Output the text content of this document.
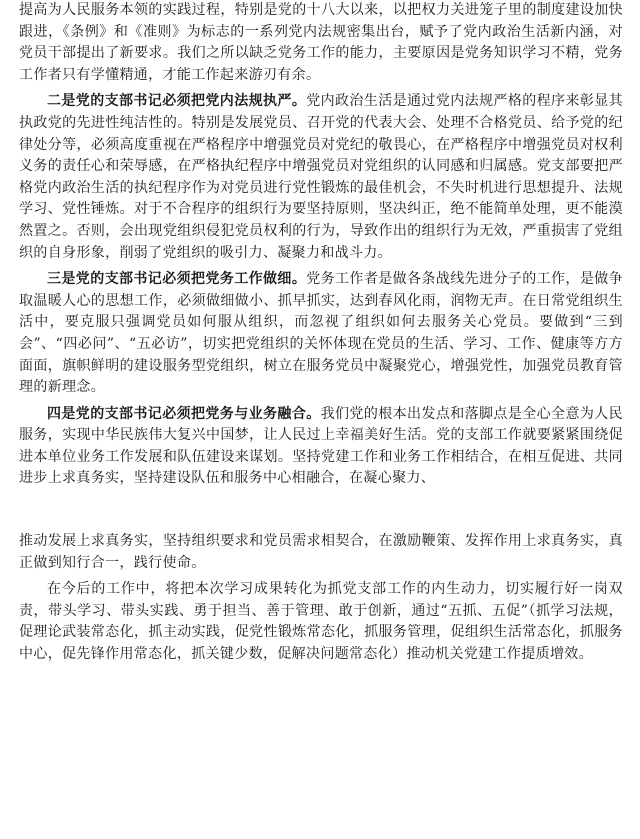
提高为人民服务本领的实践过程，特别是党的十八大以来，以把权力关进笼子里的制度建设加快跟进，《条例》和《准则》为标志的一系列党内法规密集出台，赋予了党内政治生活新内涵，对党员干部提出了新要求。我们之所以缺乏党务工作的能力，主要原因是党务知识学习不精，党务工作者只有学懂精通，才能工作起来游刃有余。

二是党的支部书记必须把党内法规执严。党内政治生活是通过党内法规严格的程序来彰显其执政党的先进性纯洁性的。特别是发展党员、召开党的代表大会、处理不合格党员、给予党的纪律处分等，必须高度重视在严格程序中增强党员对党纪的敬畏心，在严格程序中增强党员对权利义务的责任心和荣辱感，在严格执纪程序中增强党员对党组织的认同感和归属感。党支部要把严格党内政治生活的执纪程序作为对党员进行党性锻炼的最佳机会，不失时机进行思想提升、法规学习、党性锤炼。对于不合程序的组织行为要坚持原则，坚决纠正，绝不能简单处理，更不能漠然置之。否则，会出现党组织侵犯党员权利的行为，导致作出的组织行为无效，严重损害了党组织的自身形象，削弱了党组织的吸引力、凝聚力和战斗力。

三是党的支部书记必须把党务工作做细。党务工作者是做各条战线先进分子的工作，是做争取温暖人心的思想工作，必须做细做小、抓早抓实，达到春风化雨，润物无声。在日常党组织生活中，要克服只强调党员如何服从组织，而忽视了组织如何去服务关心党员。要做到“三到会”、“四必问”、“五必访”，切实把党组织的关怀体现在党员的生活、学习、工作、健康等方方面面，旗帜鲜明的建设服务型党组织，树立在服务党员中凝聚党心，增强党性，加强党员教育管理的新理念。

四是党的支部书记必须把党务与业务融合。我们党的根本出发点和落脚点是全心全意为人民服务，实现中华民族伟大复兴中国梦，让人民过上幸福美好生活。党的支部工作就要紧紧围绕促进本单位业务工作发展和队伍建设来谋划。坚持党建工作和业务工作相结合，在相互促进、共同进步上求真务实，坚持建设队伍和服务中心相融合，在凝心聚力、

推动发展上求真务实，坚持组织要求和党员需求相契合，在激励鞭策、发挥作用上求真务实，真正做到知行合一，践行使命。

在今后的工作中，将把本次学习成果转化为抓党支部工作的内生动力，切实履行好一岗双责，带头学习、带头实践、勇于担当、善于管理、敢于创新，通过“五抓、五促”（抓学习法规，促理论武装常态化，抓主动实践，促党性锻炼常态化，抓服务管理，促组织生活常态化，抓服务中心，促先锋作用常态化，抓关键少数，促解决问题常态化）推动机关党建工作提质增效。
